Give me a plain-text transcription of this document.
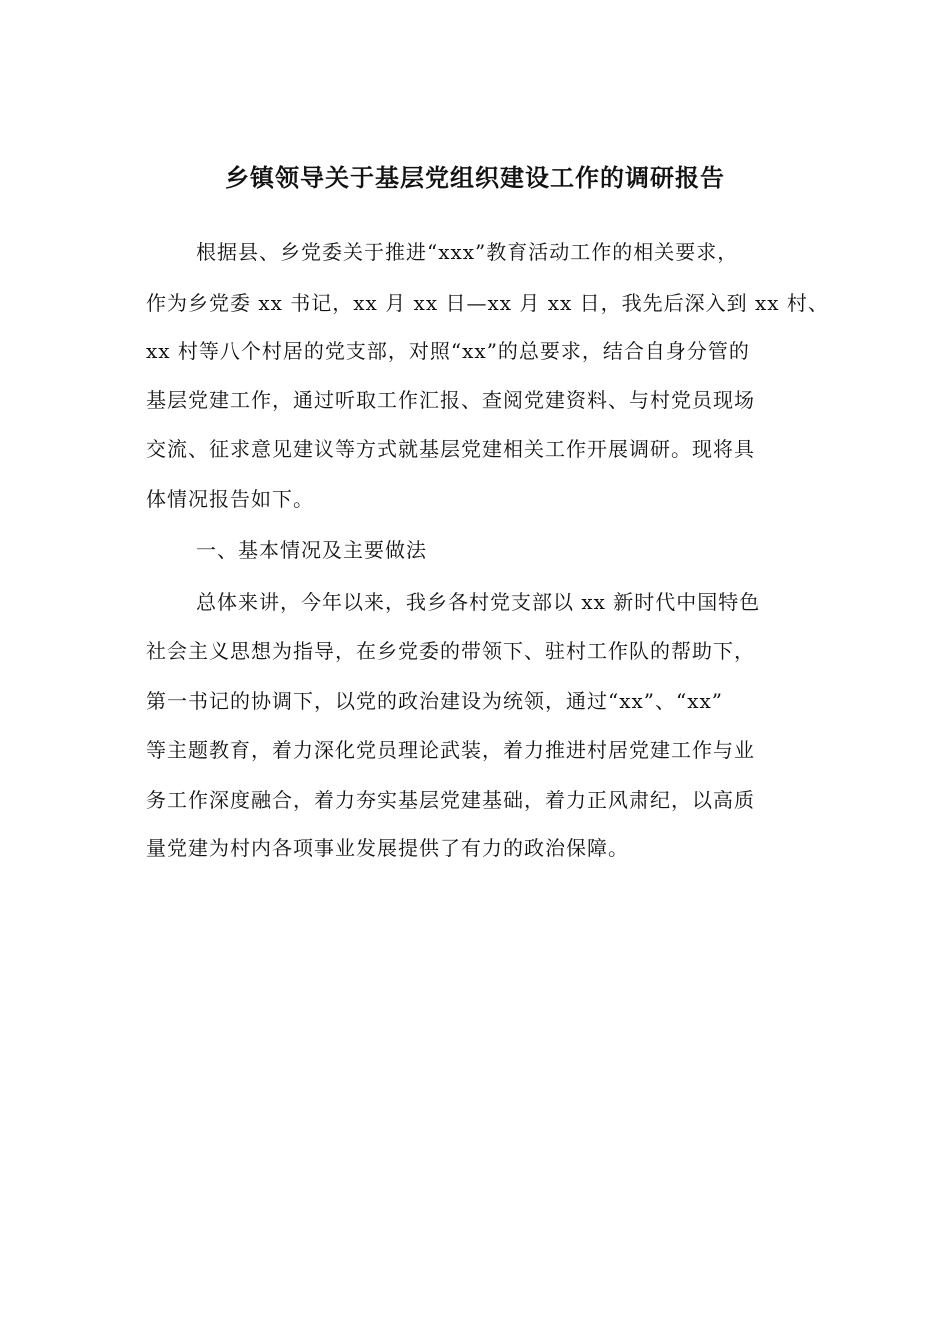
乡镇领导关于基层党组织建设工作的调研报告
根据县、乡党委关于推进“xxx”教育活动工作的相关要求，
作为乡党委 xx 书记，xx 月 xx 日—xx 月 xx 日，我先后深入到 xx 村、
xx 村等八个村居的党支部，对照“xx”的总要求，结合自身分管的
基层党建工作，通过听取工作汇报、查阅党建资料、与村党员现场
交流、征求意见建议等方式就基层党建相关工作开展调研。现将具
体情况报告如下。
一、基本情况及主要做法
总体来讲，今年以来，我乡各村党支部以 xx 新时代中国特色
社会主义思想为指导，在乡党委的带领下、驻村工作队的帮助下，
第一书记的协调下，以党的政治建设为统领，通过“xx”、“xx”
等主题教育，着力深化党员理论武装，着力推进村居党建工作与业
务工作深度融合，着力夯实基层党建基础，着力正风肃纪，以高质
量党建为村内各项事业发展提供了有力的政治保障。
